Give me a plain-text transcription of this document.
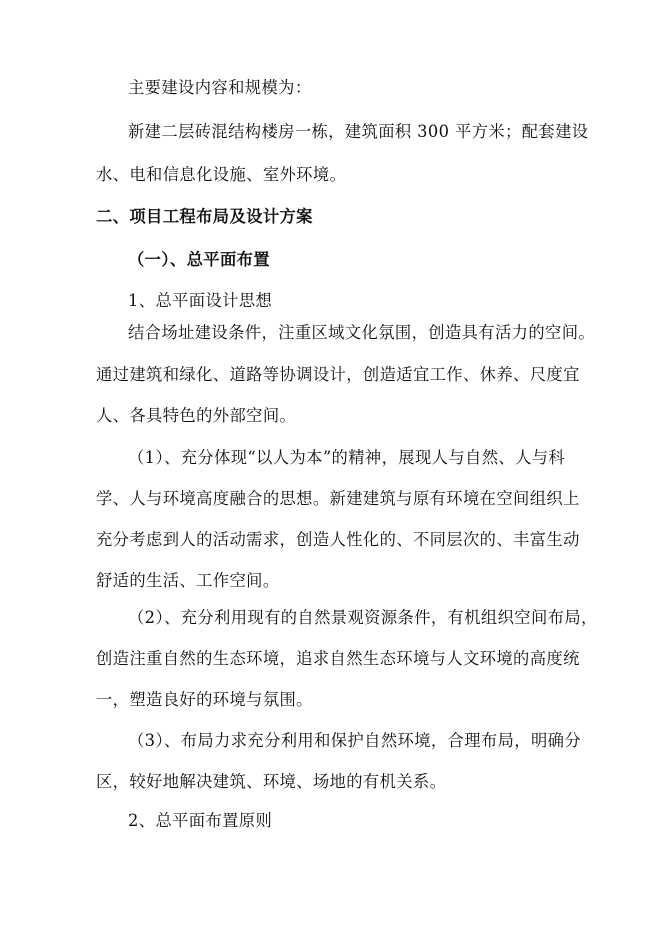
主要建设内容和规模为：
新建二层砖混结构楼房一栋，建筑面积 300 平方米；配套建设
水、电和信息化设施、室外环境。
二、项目工程布局及设计方案
（一）、总平面布置
1、总平面设计思想
结合场址建设条件，注重区域文化氛围，创造具有活力的空间。
通过建筑和绿化、道路等协调设计，创造适宜工作、休养、尺度宜
人、各具特色的外部空间。
（1）、充分体现“以人为本”的精神，展现人与自然、人与科
学、人与环境高度融合的思想。新建建筑与原有环境在空间组织上
充分考虑到人的活动需求，创造人性化的、不同层次的、丰富生动
舒适的生活、工作空间。
（2）、充分利用现有的自然景观资源条件，有机组织空间布局，
创造注重自然的生态环境，追求自然生态环境与人文环境的高度统
一，塑造良好的环境与氛围。
（3）、布局力求充分利用和保护自然环境，合理布局，明确分
区，较好地解决建筑、环境、场地的有机关系。
2、总平面布置原则
